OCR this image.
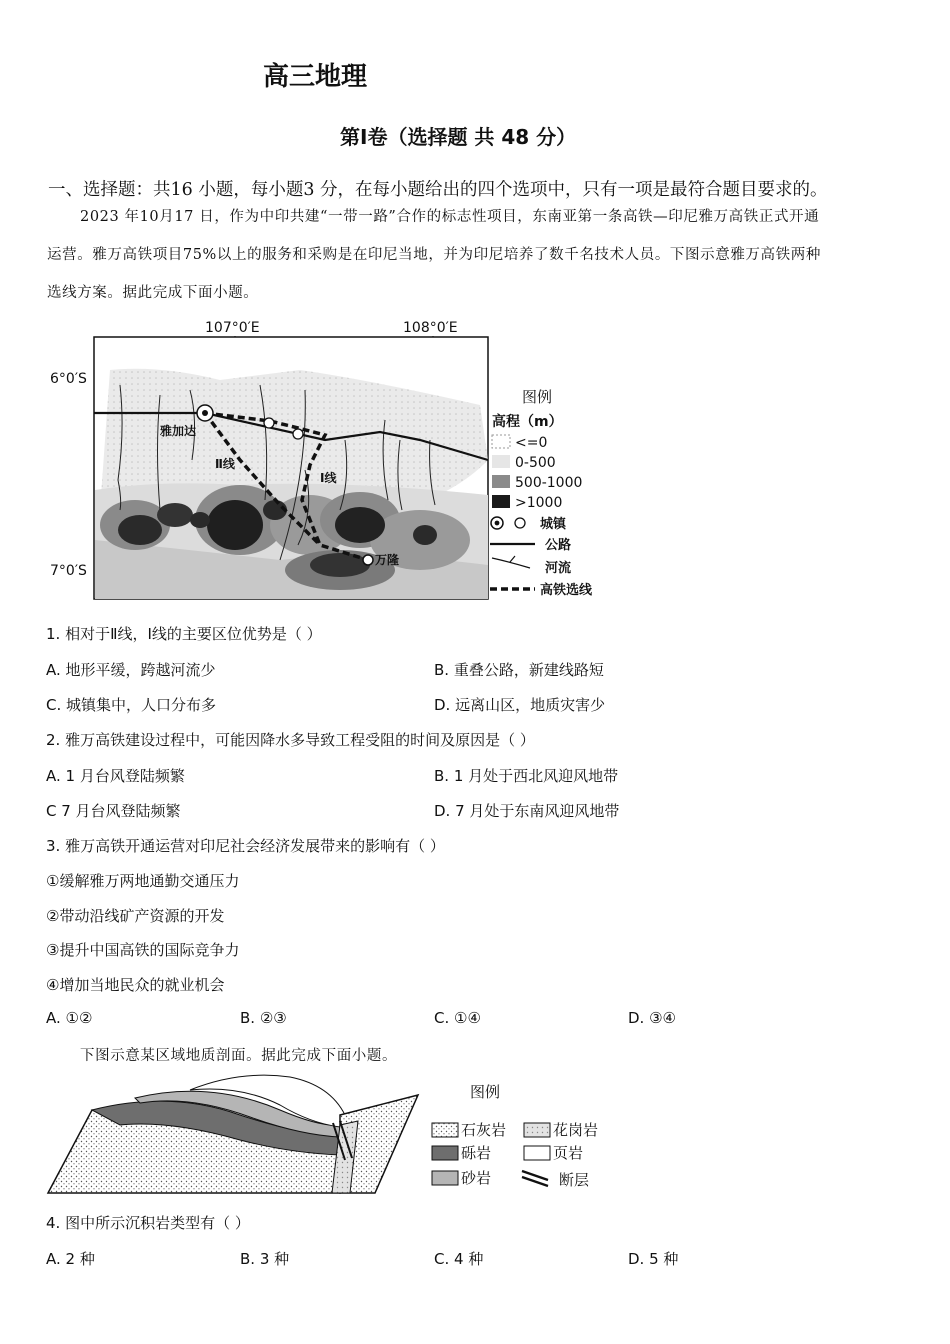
高三地理
第Ⅰ卷（选择题 共 48 分）
一、选择题：共16 小题，每小题3 分，在每小题给出的四个选项中，只有一项是最符合题目要求的。
2023 年10月17 日，作为中印共建“一带一路”合作的标志性项目，东南亚第一条高铁—印尼雅万高铁正式开通
运营。雅万高铁项目75%以上的服务和采购是在印尼当地，并为印尼培养了数千名技术人员。下图示意雅万高铁两种
选线方案。据此完成下面小题。
107°0′E	108°0′E
6°0′S
7°0′S
雅加达
万隆
Ⅱ线
Ⅰ线
图例
高程（m）
<=0
0-500
500-1000
>1000
城镇
公路
河流
高铁选线
1. 相对于Ⅱ线，Ⅰ线的主要区位优势是（ ）
A. 地形平缓，跨越河流少	B. 重叠公路，新建线路短
C. 城镇集中，人口分布多	D. 远离山区，地质灾害少
2. 雅万高铁建设过程中，可能因降水多导致工程受阻的时间及原因是（ ）
A. 1 月台风登陆频繁	B. 1 月处于西北风迎风地带
C 7 月台风登陆频繁	D. 7 月处于东南风迎风地带
3. 雅万高铁开通运营对印尼社会经济发展带来的影响有（ ）
①缓解雅万两地通勤交通压力
②带动沿线矿产资源的开发
③提升中国高铁的国际竞争力
④增加当地民众的就业机会
A. ①②	B. ②③	C. ①④	D. ③④
下图示意某区域地质剖面。据此完成下面小题。
图例
石灰岩	花岗岩
砾岩	页岩
砂岩	断层
4. 图中所示沉积岩类型有（ ）
A. 2 种	B. 3 种	C. 4 种	D. 5 种
